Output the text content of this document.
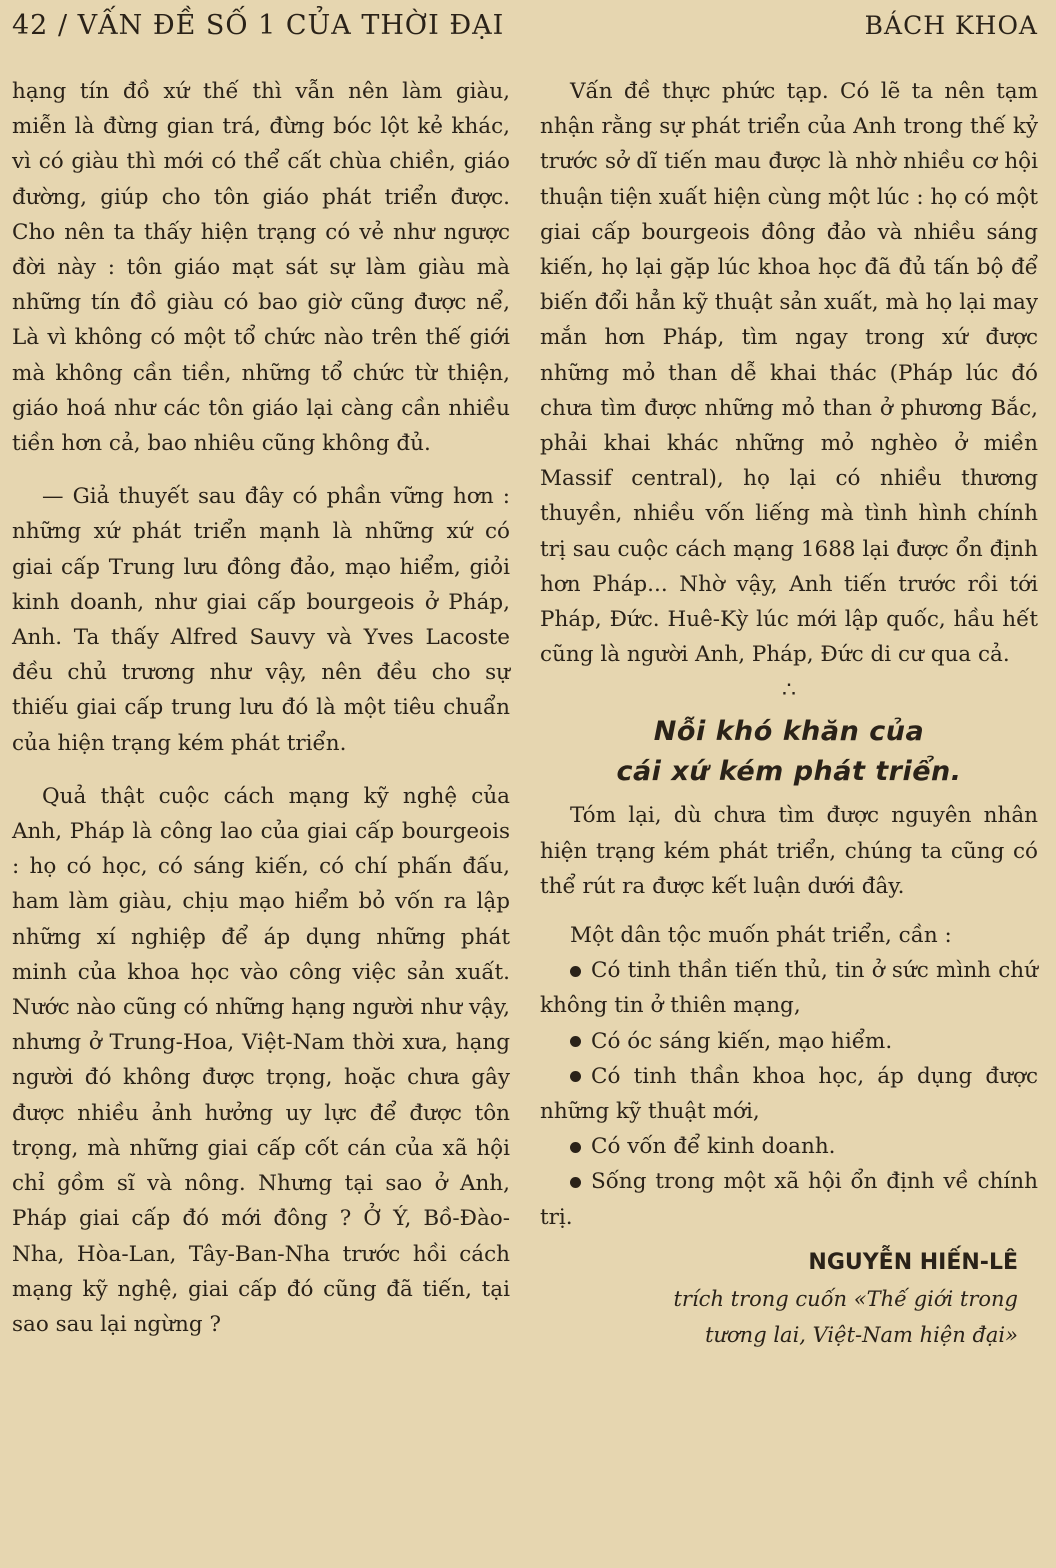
42 / VẤN ĐỀ SỐ 1 CỦA THỜI ĐẠI	BÁCH KHOA

hạng tín đồ xứ thế thì vẫn nên làm giàu, miễn là đừng gian trá, đừng bóc lột kẻ khác, vì có giàu thì mới có thể cất chùa chiền, giáo đường, giúp cho tôn giáo phát triển được. Cho nên ta thấy hiện trạng có vẻ như ngược đời này : tôn giáo mạt sát sự làm giàu mà những tín đồ giàu có bao giờ cũng được nể, Là vì không có một tổ chức nào trên thế giới mà không cần tiền, những tổ chức từ thiện, giáo hoá như các tôn giáo lại càng cần nhiều tiền hơn cả, bao nhiêu cũng không đủ.

— Giả thuyết sau đây có phần vững hơn : những xứ phát triển mạnh là những xứ có giai cấp Trung lưu đông đảo, mạo hiểm, giỏi kinh doanh, như giai cấp bourgeois ở Pháp, Anh. Ta thấy Alfred Sauvy và Yves Lacoste đều chủ trương như vậy, nên đều cho sự thiếu giai cấp trung lưu đó là một tiêu chuẩn của hiện trạng kém phát triển.

Quả thật cuộc cách mạng kỹ nghệ của Anh, Pháp là công lao của giai cấp bourgeois : họ có học, có sáng kiến, có chí phấn đấu, ham làm giàu, chịu mạo hiểm bỏ vốn ra lập những xí nghiệp để áp dụng những phát minh của khoa học vào công việc sản xuất. Nước nào cũng có những hạng người như vậy, nhưng ở Trung-Hoa, Việt-Nam thời xưa, hạng người đó không được trọng, hoặc chưa gây được nhiều ảnh hưởng uy lực để được tôn trọng, mà những giai cấp cốt cán của xã hội chỉ gồm sĩ và nông. Nhưng tại sao ở Anh, Pháp giai cấp đó mới đông ? Ở Ý, Bồ-Đào-Nha, Hòa-Lan, Tây-Ban-Nha trước hồi cách mạng kỹ nghệ, giai cấp đó cũng đã tiến, tại sao sau lại ngừng ?

Vấn đề thực phức tạp. Có lẽ ta nên tạm nhận rằng sự phát triển của Anh trong thế kỷ trước sở dĩ tiến mau được là nhờ nhiều cơ hội thuận tiện xuất hiện cùng một lúc : họ có một giai cấp bourgeois đông đảo và nhiều sáng kiến, họ lại gặp lúc khoa học đã đủ tấn bộ để biến đổi hẳn kỹ thuật sản xuất, mà họ lại may mắn hơn Pháp, tìm ngay trong xứ được những mỏ than dễ khai thác (Pháp lúc đó chưa tìm được những mỏ than ở phương Bắc, phải khai khác những mỏ nghèo ở miền Massif central), họ lại có nhiều thương thuyền, nhiều vốn liếng mà tình hình chính trị sau cuộc cách mạng 1688 lại được ổn định hơn Pháp... Nhờ vậy, Anh tiến trước rồi tới Pháp, Đức. Huê-Kỳ lúc mới lập quốc, hầu hết cũng là người Anh, Pháp, Đức di cư qua cả.

∴
Nỗi khó khăn của
cái xứ kém phát triển.

Tóm lại, dù chưa tìm được nguyên nhân hiện trạng kém phát triển, chúng ta cũng có thể rút ra được kết luận dưới đây.

Một dân tộc muốn phát triển, cần :

Có tinh thần tiến thủ, tin ở sức mình chứ không tin ở thiên mạng,

Có óc sáng kiến, mạo hiểm.

Có tinh thần khoa học, áp dụng được những kỹ thuật mới,

Có vốn để kinh doanh.

Sống trong một xã hội ổn định về chính trị.

NGUYỄN HIẾN-LÊ
trích trong cuốn «Thế giới trong
tương lai, Việt-Nam hiện đại»
